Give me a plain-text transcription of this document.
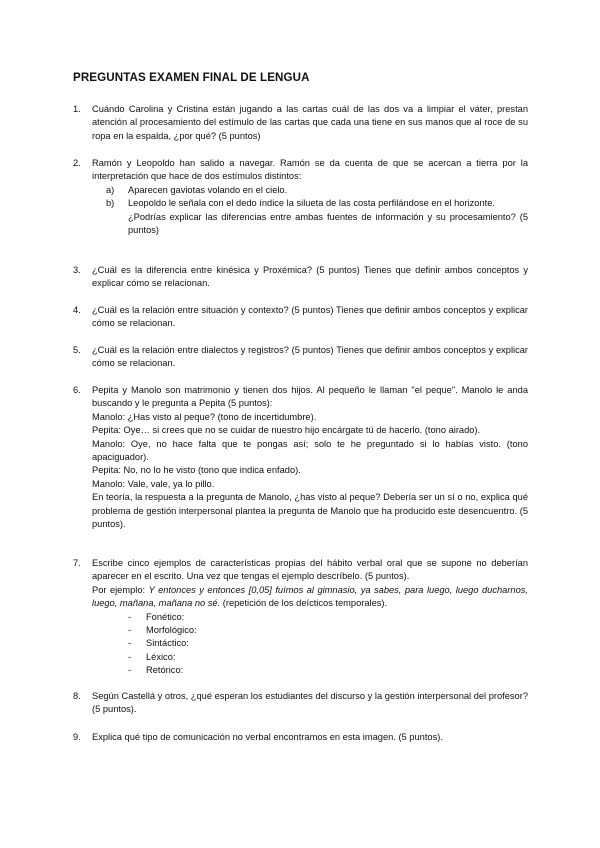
PREGUNTAS EXAMEN FINAL DE LENGUA
1. Cuándo Carolina y Cristina están jugando a las cartas cuál de las dos va a limpiar el váter, prestan atención al procesamiento del estímulo de las cartas que cada una tiene en sus manos que al roce de su ropa en la espalda, ¿por qué? (5 puntos)

2. Ramón y Leopoldo han salido a navegar. Ramón se da cuenta de que se acercan a tierra por la interpretación que hace de dos estímulos distintos:

a) Aparecen gaviotas volando en el cielo.

b) Leopoldo le señala con el dedo índice la silueta de las costa perfilándose en el horizonte.

¿Podrías explicar las diferencias entre ambas fuentes de información y su procesamiento? (5 puntos)

3. ¿Cuál es la diferencia entre kinésica y Proxémica? (5 puntos) Tienes que definir ambos conceptos y explicar cómo se relacionan.

4. ¿Cuál es la relación entre situación y contexto? (5 puntos) Tienes que definir ambos conceptos y explicar cómo se relacionan.

5. ¿Cuál es la relación entre dialectos y registros? (5 puntos) Tienes que definir ambos conceptos y explicar cómo se relacionan.

6. Pepita y Manolo son matrimonio y tienen dos hijos. Al pequeño le llaman "el peque". Manolo le anda buscando y le pregunta a Pepita (5 puntos):

Manolo: ¿Has visto al peque? (tono de incertidumbre).

Pepita: Oye… si crees que no se cuidar de nuestro hijo encárgate tú de hacerlo. (tono airado).

Manolo: Oye, no hace falta que te pongas así; solo te he preguntado si lo habías visto. (tono apaciguador).

Pepita: No, no lo he visto (tono que indica enfado).

Manolo: Vale, vale, ya lo pillo.

En teoría, la respuesta a la pregunta de Manolo, ¿has visto al peque? Debería ser un sí o no, explica qué problema de gestión interpersonal plantea la pregunta de Manolo que ha producido este desencuentro. (5 puntos).

7. Escribe cinco ejemplos de características propias del hábito verbal oral que se supone no deberían aparecer en el escrito. Una vez que tengas el ejemplo descríbelo. (5 puntos).

Por ejemplo: Y entonces y entonces [0,05] fuímos al gimnasio, ya sabes, para luego, luego ducharnos, luego, mañana, mañana no sé. (repetición de los deícticos temporales).

- Fonético:
- Morfológico:
- Sintáctico:
- Léxico:
- Retórico:
8. Según Castellá y otros, ¿qué esperan los estudiantes del discurso y la gestión interpersonal del profesor? (5 puntos).

9. Explica qué tipo de comunicación no verbal encontramos en esta imagen. (5 puntos).
